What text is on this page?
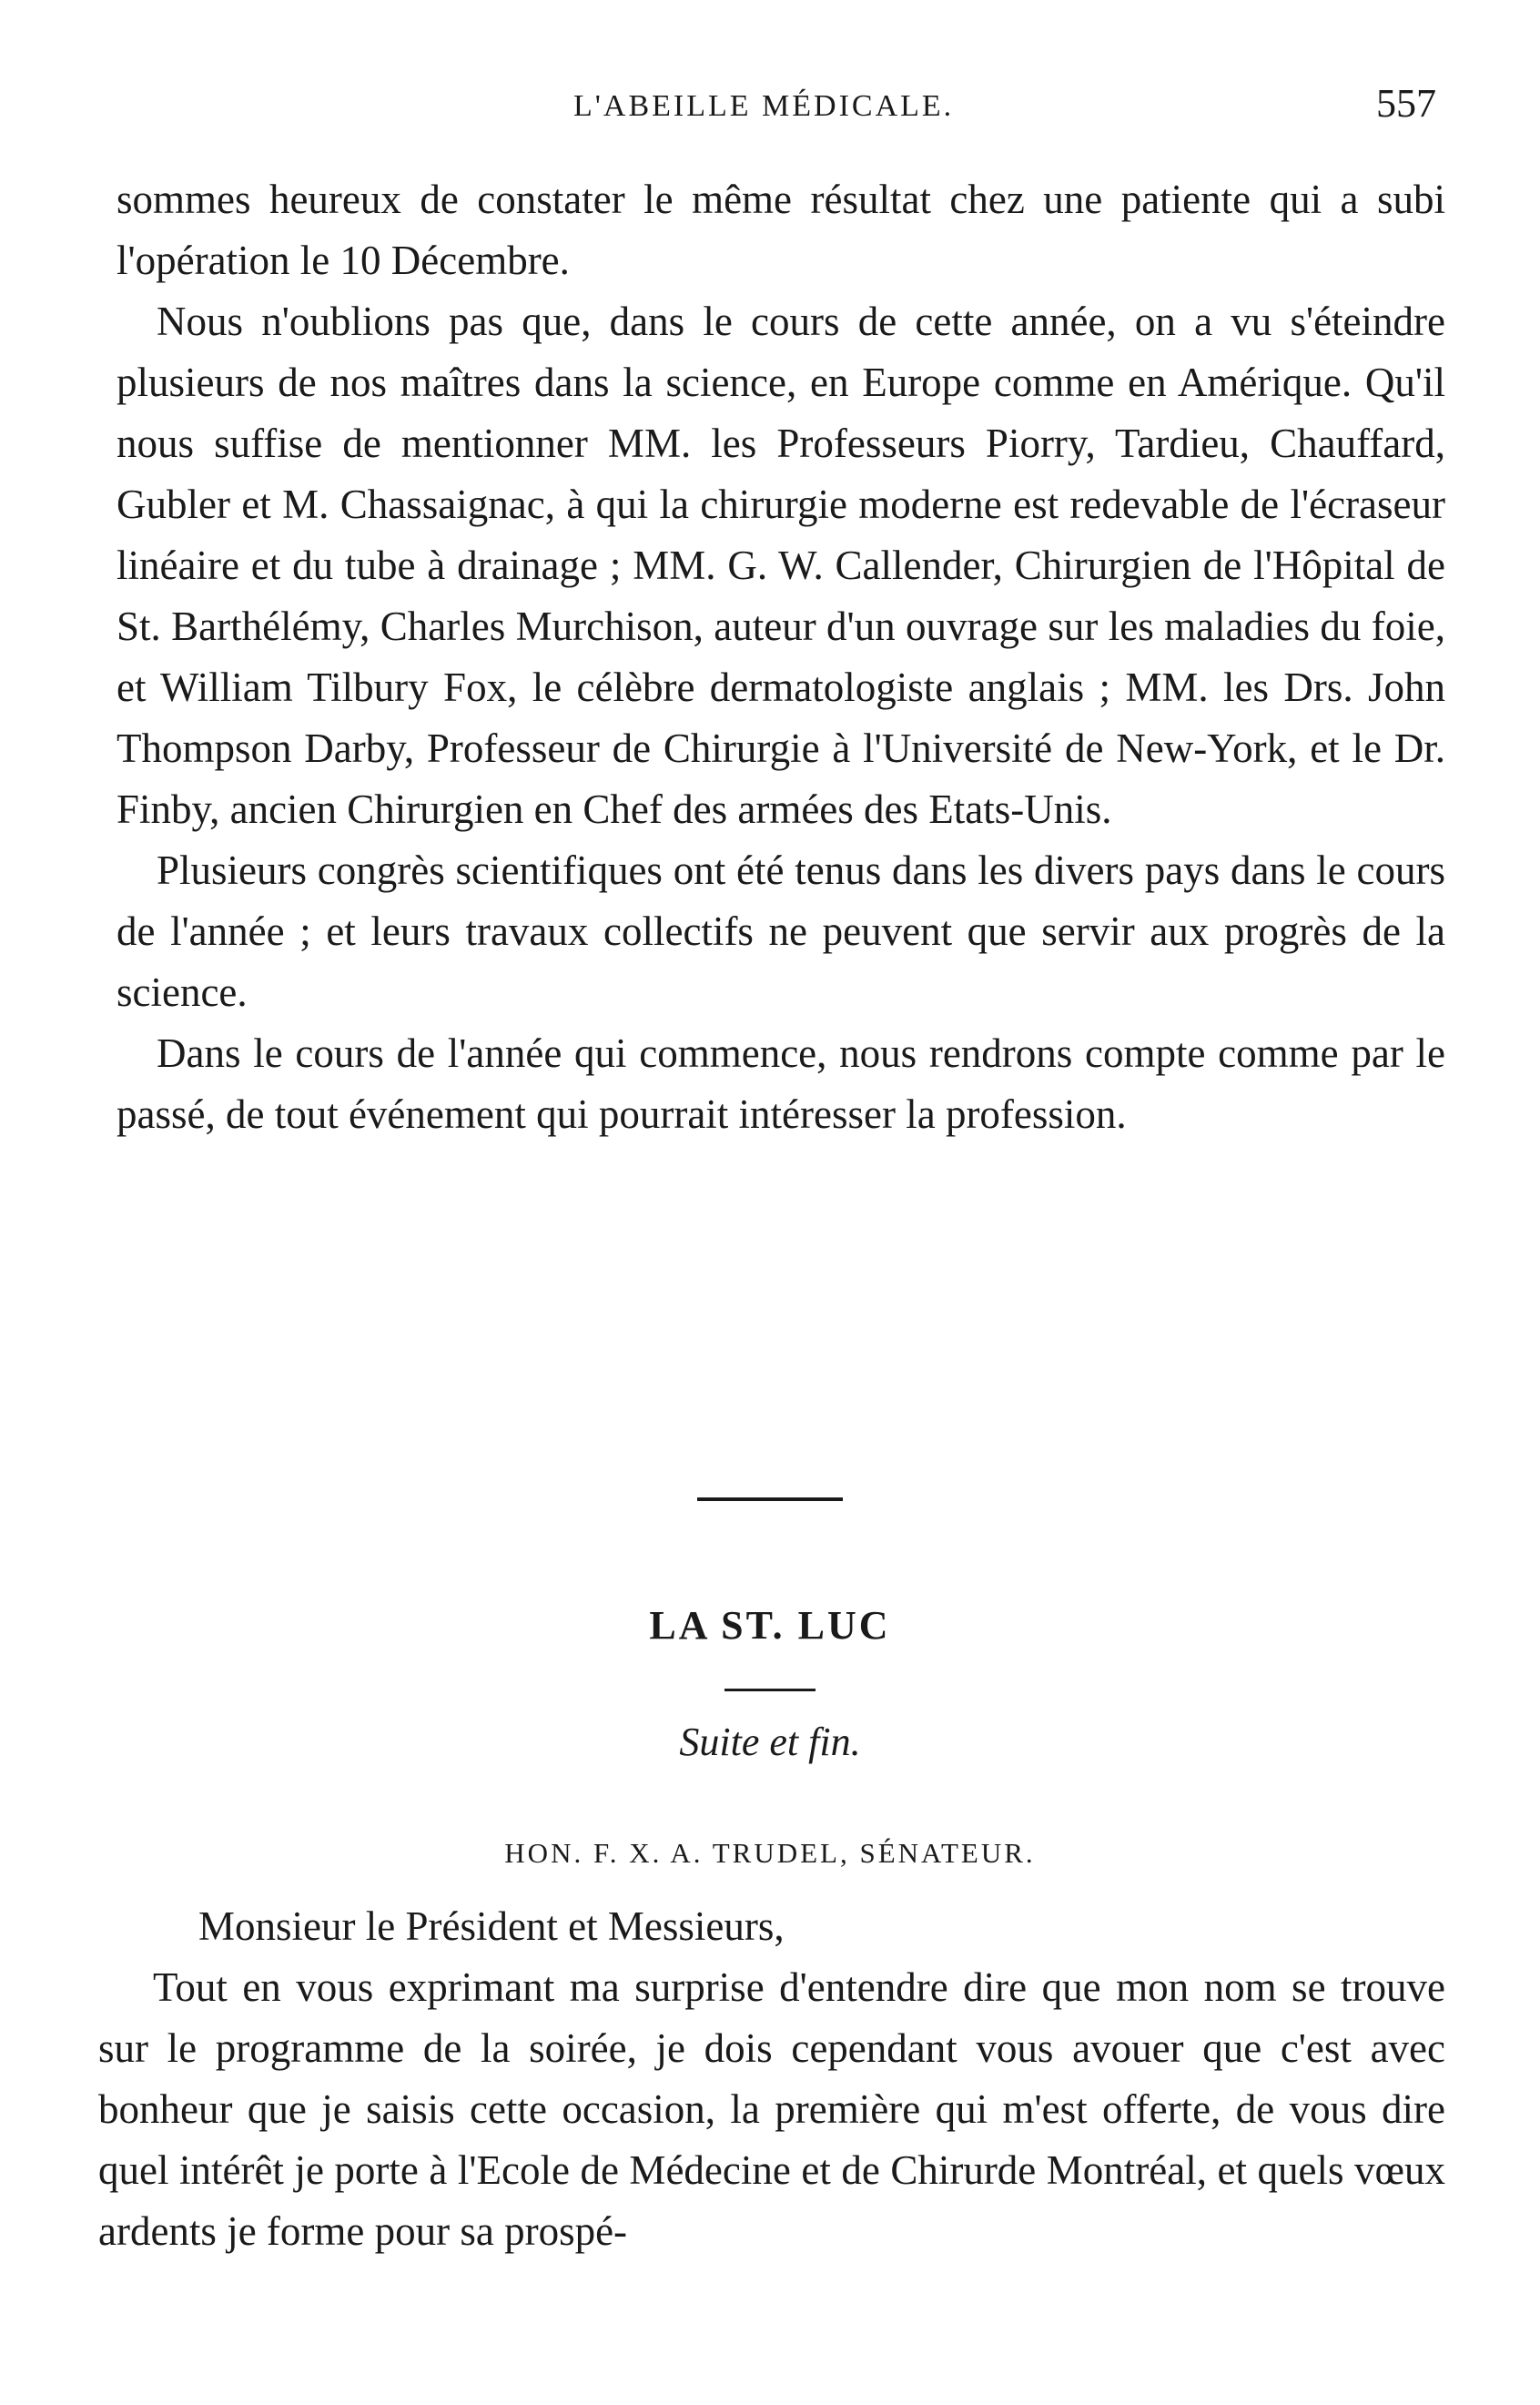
L'ABEILLE MÉDICALE.	557

sommes heureux de constater le même résultat chez une patiente qui a subi l'opération le 10 Décembre.

Nous n'oublions pas que, dans le cours de cette année, on a vu s'éteindre plusieurs de nos maîtres dans la science, en Europe comme en Amérique. Qu'il nous suffise de mentionner MM. les Professeurs Piorry, Tardieu, Chauffard, Gubler et M. Chassaignac, à qui la chirurgie moderne est redevable de l'écraseur linéaire et du tube à drainage ; MM. G. W. Callender, Chirurgien de l'Hôpital de St. Barthélémy, Charles Murchison, auteur d'un ouvrage sur les maladies du foie, et William Tilbury Fox, le célèbre dermatologiste anglais ; MM. les Drs. John Thompson Darby, Professeur de Chirurgie à l'Université de New-York, et le Dr. Finby, ancien Chirurgien en Chef des armées des Etats-Unis.

Plusieurs congrès scientifiques ont été tenus dans les divers pays dans le cours de l'année ; et leurs travaux collectifs ne peuvent que servir aux progrès de la science.

Dans le cours de l'année qui commence, nous rendrons compte comme par le passé, de tout événement qui pourrait intéresser la profession.

LA ST. LUC
Suite et fin.
HON. F. X. A. TRUDEL, SÉNATEUR.

Monsieur le Président et Messieurs,

Tout en vous exprimant ma surprise d'entendre dire que mon nom se trouve sur le programme de la soirée, je dois cependant vous avouer que c'est avec bonheur que je saisis cette occasion, la première qui m'est offerte, de vous dire quel intérêt je porte à l'Ecole de Médecine et de Chirurde Montréal, et quels vœux ardents je forme pour sa prospé-
